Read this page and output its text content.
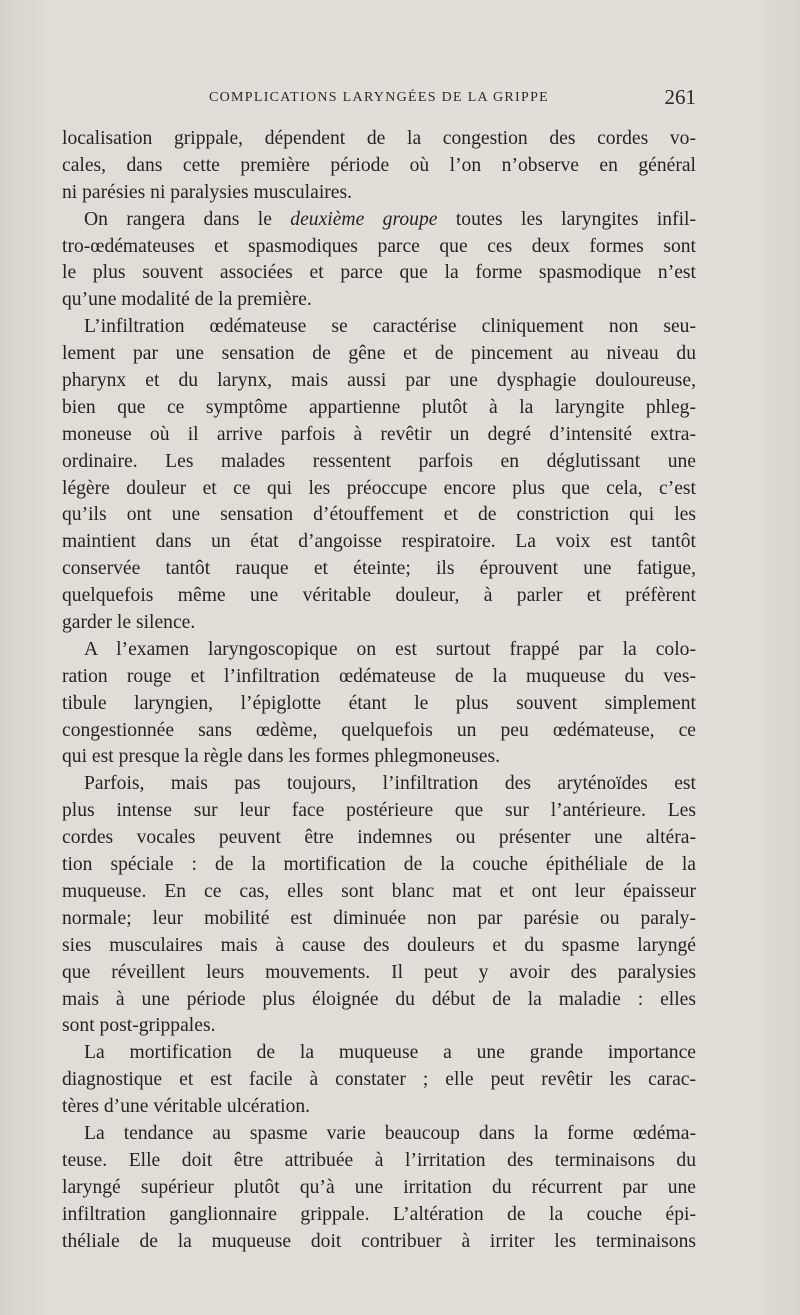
COMPLICATIONS LARYNGÉES DE LA GRIPPE	261
localisation grippale, dépendent de la congestion des cordes vo-
cales, dans cette première période où l’on n’observe en général
ni parésies ni paralysies musculaires.
On rangera dans le deuxième groupe toutes les laryngites infil-
tro-œdémateuses et spasmodiques parce que ces deux formes sont
le plus souvent associées et parce que la forme spasmodique n’est
qu’une modalité de la première.
L’infiltration œdémateuse se caractérise cliniquement non seu-
lement par une sensation de gêne et de pincement au niveau du
pharynx et du larynx, mais aussi par une dysphagie douloureuse,
bien que ce symptôme appartienne plutôt à la laryngite phleg-
moneuse où il arrive parfois à revêtir un degré d’intensité extra-
ordinaire. Les malades ressentent parfois en déglutissant une
légère douleur et ce qui les préoccupe encore plus que cela, c’est
qu’ils ont une sensation d’étouffement et de constriction qui les
maintient dans un état d’angoisse respiratoire. La voix est tantôt
conservée tantôt rauque et éteinte; ils éprouvent une fatigue,
quelquefois même une véritable douleur, à parler et préfèrent
garder le silence.
A l’examen laryngoscopique on est surtout frappé par la colo-
ration rouge et l’infiltration œdémateuse de la muqueuse du ves-
tibule laryngien, l’épiglotte étant le plus souvent simplement
congestionnée sans œdème, quelquefois un peu œdémateuse, ce
qui est presque la règle dans les formes phlegmoneuses.
Parfois, mais pas toujours, l’infiltration des aryténoïdes est
plus intense sur leur face postérieure que sur l’antérieure. Les
cordes vocales peuvent être indemnes ou présenter une altéra-
tion spéciale : de la mortification de la couche épithéliale de la
muqueuse. En ce cas, elles sont blanc mat et ont leur épaisseur
normale; leur mobilité est diminuée non par parésie ou paraly-
sies musculaires mais à cause des douleurs et du spasme laryngé
que réveillent leurs mouvements. Il peut y avoir des paralysies
mais à une période plus éloignée du début de la maladie : elles
sont post-grippales.
La mortification de la muqueuse a une grande importance
diagnostique et est facile à constater ; elle peut revêtir les carac-
tères d’une véritable ulcération.
La tendance au spasme varie beaucoup dans la forme œdéma-
teuse. Elle doit être attribuée à l’irritation des terminaisons du
laryngé supérieur plutôt qu’à une irritation du récurrent par une
infiltration ganglionnaire grippale. L’altération de la couche épi-
théliale de la muqueuse doit contribuer à irriter les terminaisons
